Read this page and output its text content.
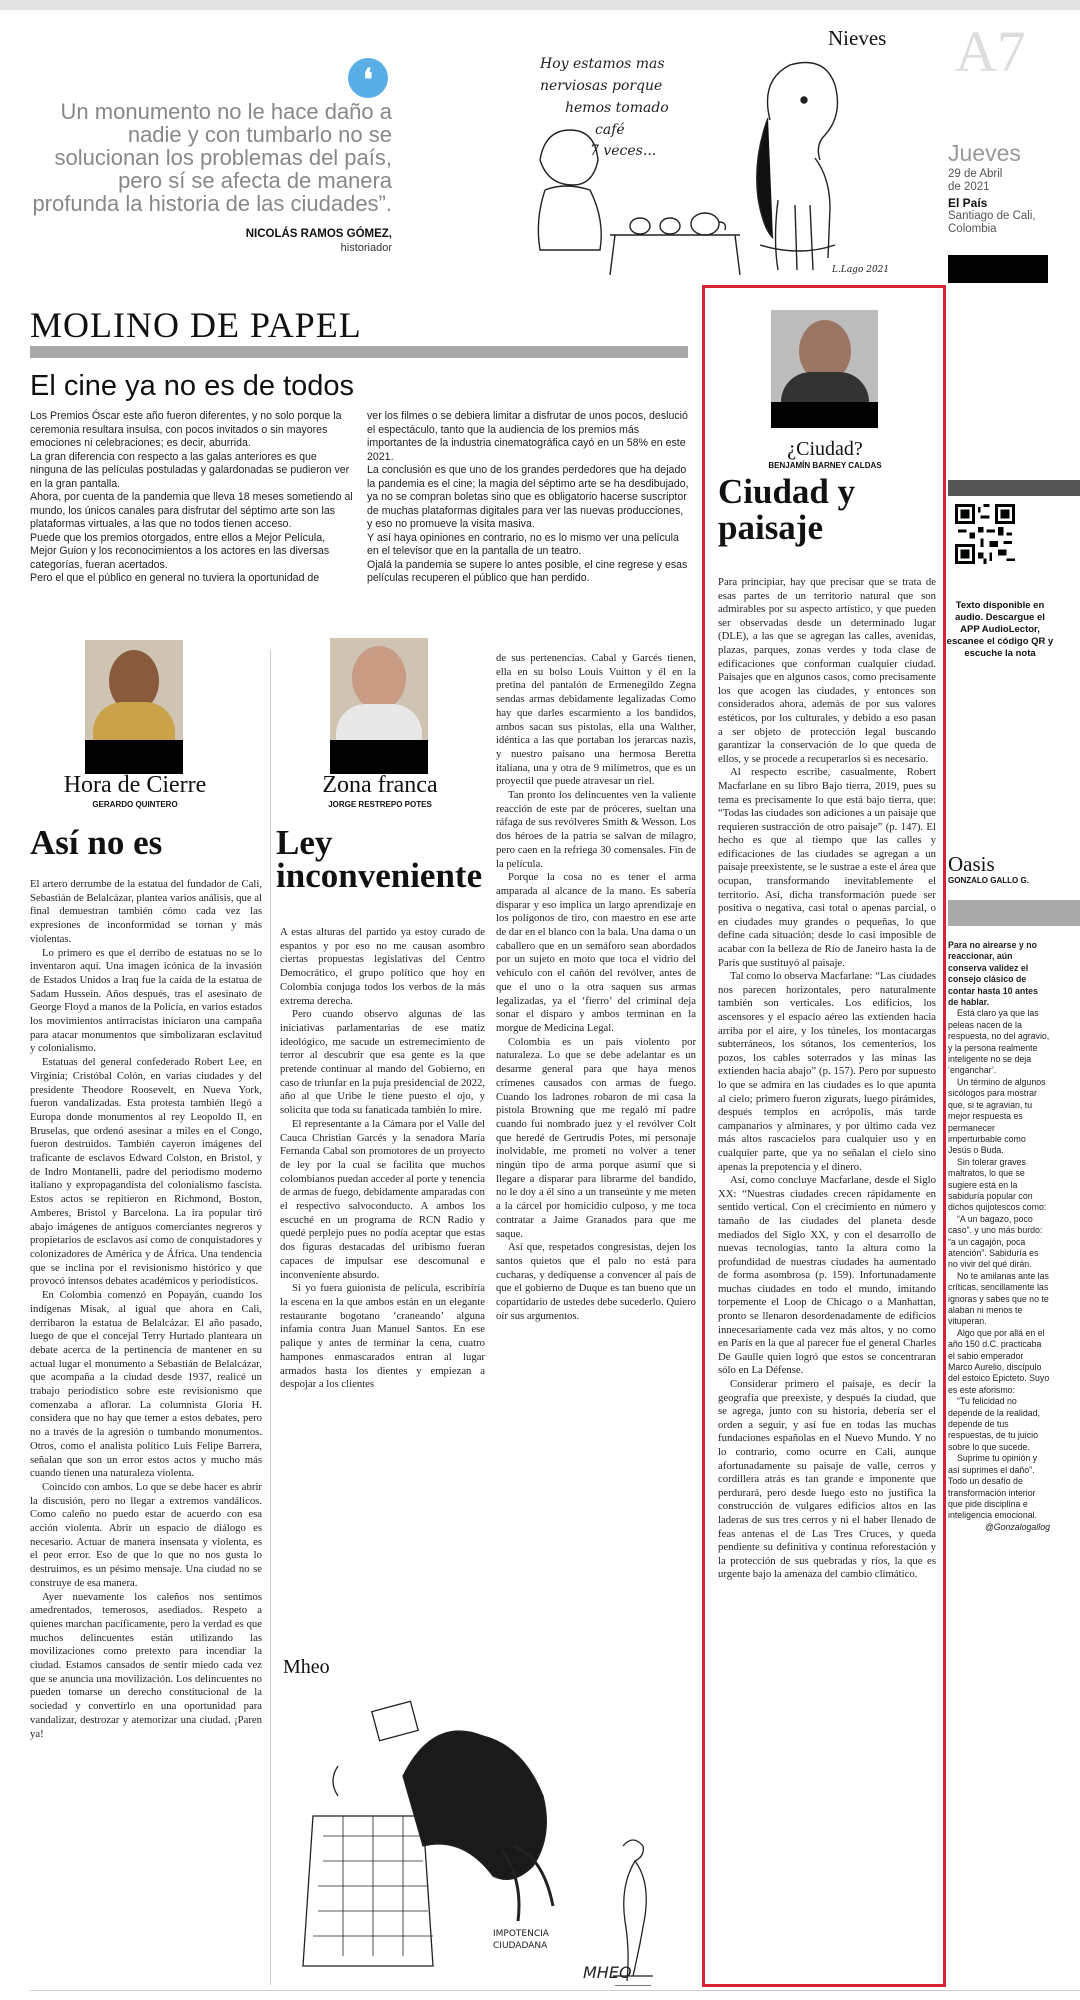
❛
Un monumento no le hace daño a nadie y con tumbarlo no se solucionan los problemas del país, pero sí se afecta de manera profunda la historia de las ciudades”.
NICOLÁS RAMOS GÓMEZ,
historiador
Hoy estamos mas
nerviosas porque
hemos tomado
café
7 veces...
L.Lago 2021
Nieves A7
Jueves
29 de Abril
de 2021
El País
Santiago de Cali, Colombia
MOLINO DE PAPEL
El cine ya no es de todos

Los Premios Óscar este año fueron diferentes, y no solo porque la ceremonia resultara insulsa, con pocos invitados o sin mayores emociones ni celebraciones; es decir, aburrida.

La gran diferencia con respecto a las galas anteriores es que ninguna de las películas postuladas y galardonadas se pudieron ver en la gran pantalla.

Ahora, por cuenta de la pandemia que lleva 18 meses sometiendo al mundo, los únicos canales para disfrutar del séptimo arte son las plataformas virtuales, a las que no todos tienen acceso.

Puede que los premios otorgados, entre ellos a Mejor Película, Mejor Guion y los reconocimientos a los actores en las diversas categorías, fueran acertados.

Pero el que el público en general no tuviera la oportunidad de

ver los filmes o se debiera limitar a disfrutar de unos pocos, deslució el espectáculo, tanto que la audiencia de los premios más importantes de la industria cinematográfica cayó en un 58% en este 2021.

La conclusión es que uno de los grandes perdedores que ha dejado la pandemia es el cine; la magia del séptimo arte se ha desdibujado, ya no se compran boletas sino que es obligatorio hacerse suscriptor de muchas plataformas digitales para ver las nuevas producciones, y eso no promueve la visita masiva.

Y así haya opiniones en contrario, no es lo mismo ver una película en el televisor que en la pantalla de un teatro.

Ojalá la pandemia se supere lo antes posible, el cine regrese y esas películas recuperen el público que han perdido.

Hora de Cierre
GERARDO QUINTERO
Así no es

El artero derrumbe de la estatua del fundador de Cali, Sebastián de Belalcázar, plantea varios análisis, que al final demuestran también cómo cada vez las expresiones de inconformidad se tornan y más violentas.

Lo primero es que el derribo de estatuas no se lo inventaron aquí. Una imagen icónica de la invasión de Estados Unidos a Iraq fue la caída de la estatua de Sadam Hussein. Años después, tras el asesinato de George Floyd a manos de la Policía, en varios estados los movimientos antirracistas iniciaron una campaña para atacar monumentos que simbolizaran esclavitud y colonialismo.

Estatuas del general confederado Robert Lee, en Virginia; Cristóbal Colón, en varias ciudades y del presidente Theodore Roosevelt, en Nueva York, fueron vandalizadas. Esta protesta también llegó a Europa donde monumentos al rey Leopoldo II, en Bruselas, que ordenó asesinar a miles en el Congo, fueron destruidos. También cayeron imágenes del traficante de esclavos Edward Colston, en Bristol, y de Indro Montanelli, padre del periodismo moderno italiano y expropagandista del colonialismo fascista. Estos actos se repitieron en Richmond, Boston, Amberes, Bristol y Barcelona. La ira popular tiró abajo imágenes de antiguos comerciantes negreros y propietarios de esclavos así como de conquistadores y colonizadores de América y de África. Una tendencia que se inclina por el revisionismo histórico y que provocó intensos debates académicos y periodísticos.

En Colombia comenzó en Popayán, cuando los indígenas Misak, al igual que ahora en Cali, derribaron la estatua de Belalcázar. El año pasado, luego de que el concejal Terry Hurtado planteara un debate acerca de la pertinencia de mantener en su actual lugar el monumento a Sebastián de Belalcázar, que acompaña a la ciudad desde 1937, realicé un trabajo periodístico sobre este revisionismo que comenzaba a aflorar. La columnista Gloria H. considera que no hay que temer a estos debates, pero no a través de la agresión o tumbando monumentos. Otros, como el analista político Luis Felipe Barrera, señalan que son un error estos actos y mucho más cuando tienen una naturaleza violenta.

Coincido con ambos. Lo que se debe hacer es abrir la discusión, pero no llegar a extremos vandálicos. Como caleño no puedo estar de acuerdo con esa acción violenta. Abrir un espacio de diálogo es necesario. Actuar de manera insensata y violenta, es el peor error. Eso de que lo que no nos gusta lo destruimos, es un pésimo mensaje. Una ciudad no se construye de esa manera.

Ayer nuevamente los caleños nos sentimos amedrentados, temerosos, asediados. Respeto a quienes marchan pacíficamente, pero la verdad es que muchos delincuentes están utilizando las movilizaciones como pretexto para incendiar la ciudad. Estamos cansados de sentir miedo cada vez que se anuncia una movilización. Los delincuentes no pueden tomarse un derecho constitucional de la sociedad y convertirlo en una oportunidad para vandalizar, destrozar y atemorizar una ciudad. ¡Paren ya!

Zona franca
JORGE RESTREPO POTES
Ley inconveniente

A estas alturas del partido ya estoy curado de espantos y por eso no me causan asombro ciertas propuestas legislativas del Centro Democrático, el grupo político que hoy en Colombia conjuga todos los verbos de la más extrema derecha.

Pero cuando observo algunas de las iniciativas parlamentarias de ese matiz ideológico, me sacude un estremecimiento de terror al descubrir que esa gente es la que pretende continuar al mando del Gobierno, en caso de triunfar en la puja presidencial de 2022, año al que Uribe le tiene puesto el ojo, y solicita que toda su fanaticada también lo mire.

El representante a la Cámara por el Valle del Cauca Christian Garcés y la senadora María Fernanda Cabal son promotores de un proyecto de ley por la cual se facilita que muchos colombianos puedan acceder al porte y tenencia de armas de fuego, debidamente amparadas con el respectivo salvoconducto. A ambos los escuché en un programa de RCN Radio y quedé perplejo pues no podía aceptar que estas dos figuras destacadas del uribismo fueran capaces de impulsar ese descomunal e inconveniente absurdo.

Si yo fuera guionista de película, escribiría la escena en la que ambos están en un elegante restaurante bogotano ‘craneando’ alguna infamia contra Juan Manuel Santos. En ese palique y antes de terminar la cena, cuatro hampones enmascarados entran al lugar armados hasta los dientes y empiezan a despojar a los clientes

de sus pertenencias. Cabal y Garcés tienen, ella en su bolso Louis Vuitton y él en la pretina del pantalón de Ermenegildo Zegna sendas armas debidamente legalizadas Como hay que darles escarmiento a los bandidos, ambos sacan sus pistolas, ella una Walther, idéntica a las que portaban los jerarcas nazis, y nuestro paisano una hermosa Beretta italiana, una y otra de 9 milímetros, que es un proyectil que puede atravesar un riel.

Tan pronto los delincuentes ven la valiente reacción de este par de próceres, sueltan una ráfaga de sus revólveres Smith & Wesson. Los dos héroes de la patria se salvan de milagro, pero caen en la refriega 30 comensales. Fin de la película.

Porque la cosa no es tener el arma amparada al alcance de la mano. Es sabería disparar y eso implica un largo aprendizaje en los polígonos de tiro, con maestro en ese arte de dar en el blanco con la bala. Una dama o un caballero que en un semáforo sean abordados por un sujeto en moto que toca el vidrio del vehículo con el cañón del revólver, antes de que el uno o la otra saquen sus armas legalizadas, ya el ‘fierro’ del criminal deja sonar el disparo y ambos terminan en la morgue de Medicina Legal.

Colombia es un país violento por naturaleza. Lo que se debe adelantar es un desarme general para que haya menos crímenes causados con armas de fuego. Cuando los ladrones robaron de mi casa la pistola Browning que me regaló mi padre cuando fui nombrado juez y el revólver Colt que heredé de Gertrudis Potes, mi personaje inolvidable, me prometí no volver a tener ningún tipo de arma porque asumí que si llegare a disparar para librarme del bandido, no le doy a él sino a un transeúnte y me meten a la cárcel por homicidio culposo, y me toca contratar a Jaime Granados para que me saque.

Así que, respetados congresistas, dejen los santos quietos que el palo no está para cucharas, y dedíquense a convencer al país de que el gobierno de Duque es tan bueno que un copartidario de ustedes debe sucederlo. Quiero oír sus argumentos.

Mheo
IMPOTENCIA
CIUDADANA
MHEO
¿Ciudad?
BENJAMÍN BARNEY CALDAS
Ciudad y paisaje

Para principiar, hay que precisar que se trata de esas partes de un territorio natural que son admirables por su aspecto artístico, y que pueden ser observadas desde un determinado lugar (DLE), a las que se agregan las calles, avenidas, plazas, parques, zonas verdes y toda clase de edificaciones que conforman cualquier ciudad. Paisajes que en algunos casos, como precisamente los que acogen las ciudades, y entonces son considerados ahora, además de por sus valores estéticos, por los culturales, y debido a eso pasan a ser objeto de protección legal buscando garantizar la conservación de lo que queda de ellos, y se procede a recuperarlos si es necesario.

Al respecto escribe, casualmente, Robert Macfarlane en su libro Bajo tierra, 2019, pues su tema es precisamente lo que está bajo tierra, que: “Todas las ciudades son adiciones a un paisaje que requieren sustracción de otro paisaje” (p. 147). El hecho es que al tiempo que las calles y edificaciones de las ciudades se agregan a un paisaje preexistente, se le sustrae a este el área que ocupan, transformando inevitablemente el territorio. Así, dicha transformación puede ser positiva o negativa, casi total o apenas parcial, o en ciudades muy grandes o pequeñas, lo que define cada situación; desde lo casi imposible de acabar con la belleza de Río de Janeiro hasta la de París que sustituyó al paisaje.

Tal como lo observa Macfarlane: “Las ciudades nos parecen horizontales, pero naturalmente también son verticales. Los edificios, los ascensores y el espacio aéreo las extienden hacia arriba por el aire, y los túneles, los montacargas subterráneos, los sótanos, los cementerios, los pozos, los cables soterrados y las minas las extienden hacia abajo” (p. 157). Pero por supuesto lo que se admira en las ciudades es lo que apunta al cielo; primero fueron zigurats, luego pirámides, después templos en acrópolis, más tarde campanarios y alminares, y por último cada vez más altos rascacielos para cualquier uso y en cualquier parte, que ya no señalan el cielo sino apenas la prepotencia y el dinero.

Así, como concluye Macfarlane, desde el Siglo XX: “Nuestras ciudades crecen rápidamente en sentido vertical. Con el crecimiento en número y tamaño de las ciudades del planeta desde mediados del Siglo XX, y con el desarrollo de nuevas tecnologías, tanto la altura como la profundidad de nuestras ciudades ha aumentado de forma asombrosa (p. 159). Infortunadamente muchas ciudades en todo el mundo, imitando torpemente el Loop de Chicago o a Manhattan, pronto se llenaron desordenadamente de edificios innecesariamente cada vez más altos, y no como en París en la que al parecer fue el general Charles De Gaulle quien logró que estos se concentraran sólo en La Défense.

Considerar primero el paisaje, es decir la geografía que preexiste, y después la ciudad, que se agrega, junto con su historia, debería ser el orden a seguir, y así fue en todas las muchas fundaciones españolas en el Nuevo Mundo. Y no lo contrario, como ocurre en Cali, aunque afortunadamente su paisaje de valle, cerros y cordillera atrás es tan grande e imponente que perdurará, pero desde luego esto no justifica la construcción de vulgares edificios altos en las laderas de sus tres cerros y ni el haber llenado de feas antenas el de Las Tres Cruces, y queda pendiente su definitiva y continua reforestación y la protección de sus quebradas y ríos, la que es urgente bajo la amenaza del cambio climático.

Texto disponible en audio. Descargue el APP AudioLector, escanee el código QR y escuche la nota
Oasis
GONZALO GALLO G.

Para no airearse y no reaccionar, aún conserva validez el consejo clásico de contar hasta 10 antes de hablar.

Está claro ya que las peleas nacen de la respuesta, no del agravio, y la persona realmente inteligente no se deja ‘enganchar’.

Un término de algunos sicólogos para mostrar que, si te agravian, tu mejor respuesta es permanecer imperturbable como Jesús o Buda.

Sin tolerar graves maltratos, lo que se sugiere está en la sabiduría popular con dichos quijotescos como:

“A un bagazo, poco caso”. y uno más burdo: “a un cagajón, poca atención”. Sabiduría es no vivir del qué dirán.

No te amilanas ante las críticas, sencillamente las ignoras y sabes que no te alaban ni menos te vituperan.

Algo que por allá en el año 150 d.C. practicaba el sabio emperador Marco Aurelio, discípulo del estoico Epicteto. Suyo es este aforismo:

“Tu felicidad no depende de la realidad, depende de tus respuestas, de tu juicio sobre lo que sucede.

Suprime tu opinión y así suprimes el daño”. Todo un desafío de transformación interior que pide disciplina e inteligencia emocional.

@Gonzalogallog
